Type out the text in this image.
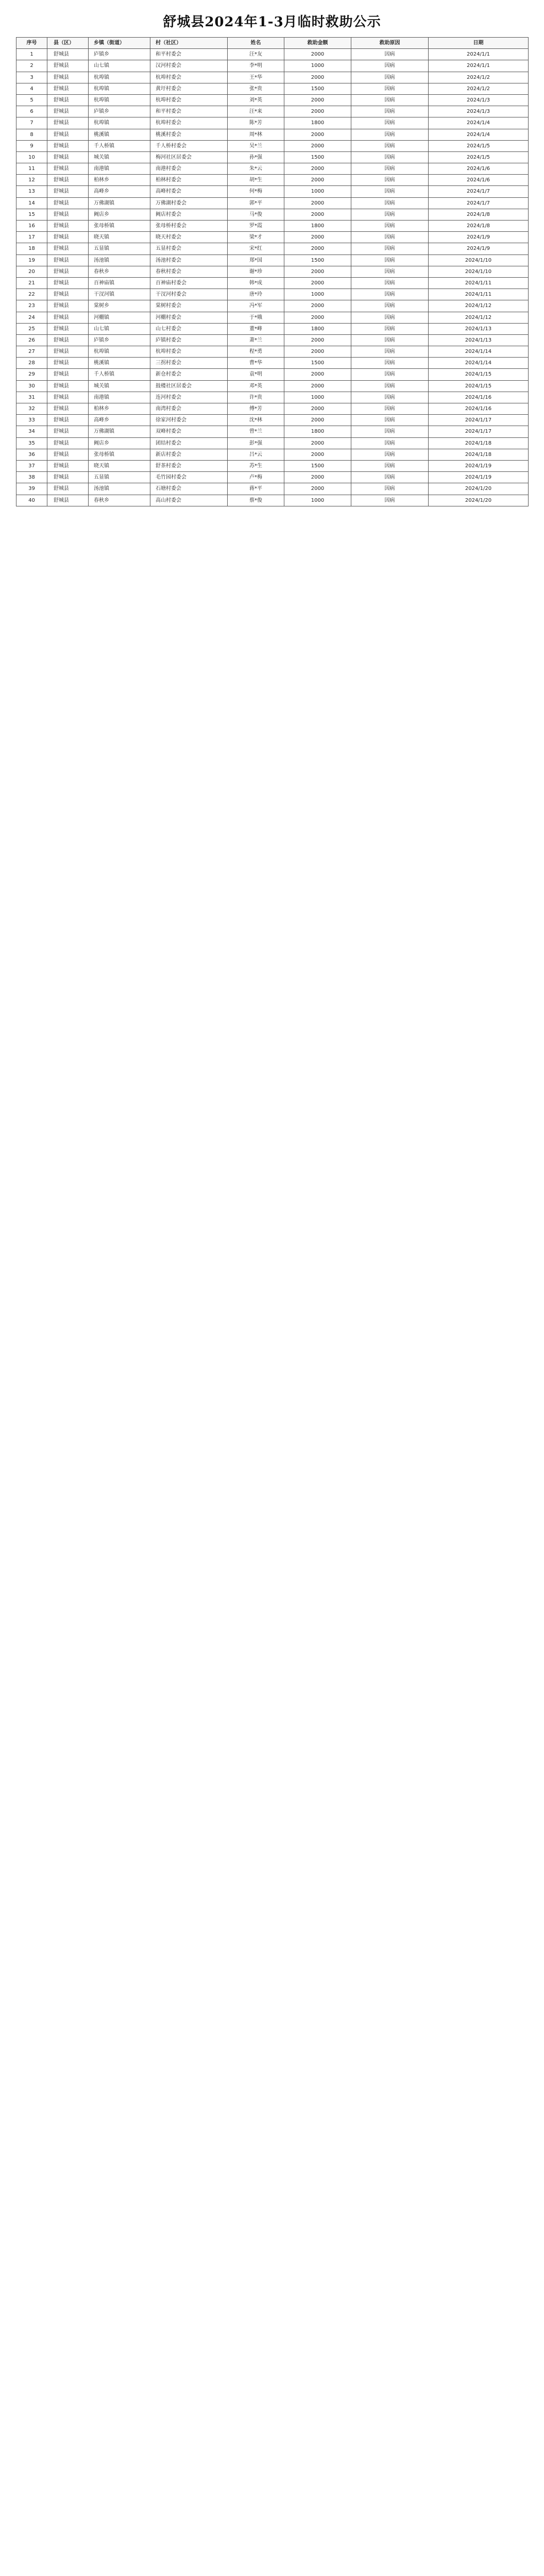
舒城县2024年1-3月临时救助公示
序号	县（区）	乡镇（街道）	村（社区）	姓名	救助金额	救助原因	日期
1	舒城县	庐镇乡	和平村委会	汪*友	2000	因病	2024/1/1
2	舒城县	山七镇	汉河村委会	李*明	1000	因病	2024/1/1
3	舒城县	杭埠镇	杭埠村委会	王*华	2000	因病	2024/1/2
4	舒城县	杭埠镇	黄圩村委会	张*贵	1500	因病	2024/1/2
5	舒城县	杭埠镇	杭埠村委会	刘*英	2000	因病	2024/1/3
6	舒城县	庐镇乡	和平村委会	汪*来	2000	因病	2024/1/3
7	舒城县	杭埠镇	杭埠村委会	陈*芳	1800	因病	2024/1/4
8	舒城县	桃溪镇	桃溪村委会	周*林	2000	因病	2024/1/4
9	舒城县	千人桥镇	千人桥村委会	吴*兰	2000	因病	2024/1/5
10	舒城县	城关镇	梅河社区居委会	孙*强	1500	因病	2024/1/5
11	舒城县	南港镇	南港村委会	朱*云	2000	因病	2024/1/6
12	舒城县	柏林乡	柏林村委会	胡*生	2000	因病	2024/1/6
13	舒城县	高峰乡	高峰村委会	何*梅	1000	因病	2024/1/7
14	舒城县	万佛湖镇	万佛湖村委会	郭*平	2000	因病	2024/1/7
15	舒城县	阙店乡	阙店村委会	马*俊	2000	因病	2024/1/8
16	舒城县	张母桥镇	张母桥村委会	罗*霞	1800	因病	2024/1/8
17	舒城县	晓天镇	晓天村委会	梁*才	2000	因病	2024/1/9
18	舒城县	五显镇	五显村委会	宋*红	2000	因病	2024/1/9
19	舒城县	汤池镇	汤池村委会	郑*国	1500	因病	2024/1/10
20	舒城县	春秋乡	春秋村委会	谢*珍	2000	因病	2024/1/10
21	舒城县	百神庙镇	百神庙村委会	韩*成	2000	因病	2024/1/11
22	舒城县	干汊河镇	干汊河村委会	唐*玲	1000	因病	2024/1/11
23	舒城县	棠树乡	棠树村委会	冯*军	2000	因病	2024/1/12
24	舒城县	河棚镇	河棚村委会	于*娥	2000	因病	2024/1/12
25	舒城县	山七镇	山七村委会	董*峰	1800	因病	2024/1/13
26	舒城县	庐镇乡	庐镇村委会	萧*兰	2000	因病	2024/1/13
27	舒城县	杭埠镇	杭埠村委会	程*勇	2000	因病	2024/1/14
28	舒城县	桃溪镇	三拐村委会	曹*华	1500	因病	2024/1/14
29	舒城县	千人桥镇	新仓村委会	袁*明	2000	因病	2024/1/15
30	舒城县	城关镇	鼓楼社区居委会	邓*英	2000	因病	2024/1/15
31	舒城县	南港镇	连河村委会	许*贵	1000	因病	2024/1/16
32	舒城县	柏林乡	南湾村委会	傅*芳	2000	因病	2024/1/16
33	舒城县	高峰乡	徐家河村委会	沈*林	2000	因病	2024/1/17
34	舒城县	万佛湖镇	双峰村委会	曾*兰	1800	因病	2024/1/17
35	舒城县	阙店乡	团结村委会	彭*强	2000	因病	2024/1/18
36	舒城县	张母桥镇	新店村委会	吕*云	2000	因病	2024/1/18
37	舒城县	晓天镇	舒茶村委会	苏*生	1500	因病	2024/1/19
38	舒城县	五显镇	毛竹园村委会	卢*梅	2000	因病	2024/1/19
39	舒城县	汤池镇	石塘村委会	蒋*平	2000	因病	2024/1/20
40	舒城县	春秋乡	高山村委会	蔡*俊	1000	因病	2024/1/20
